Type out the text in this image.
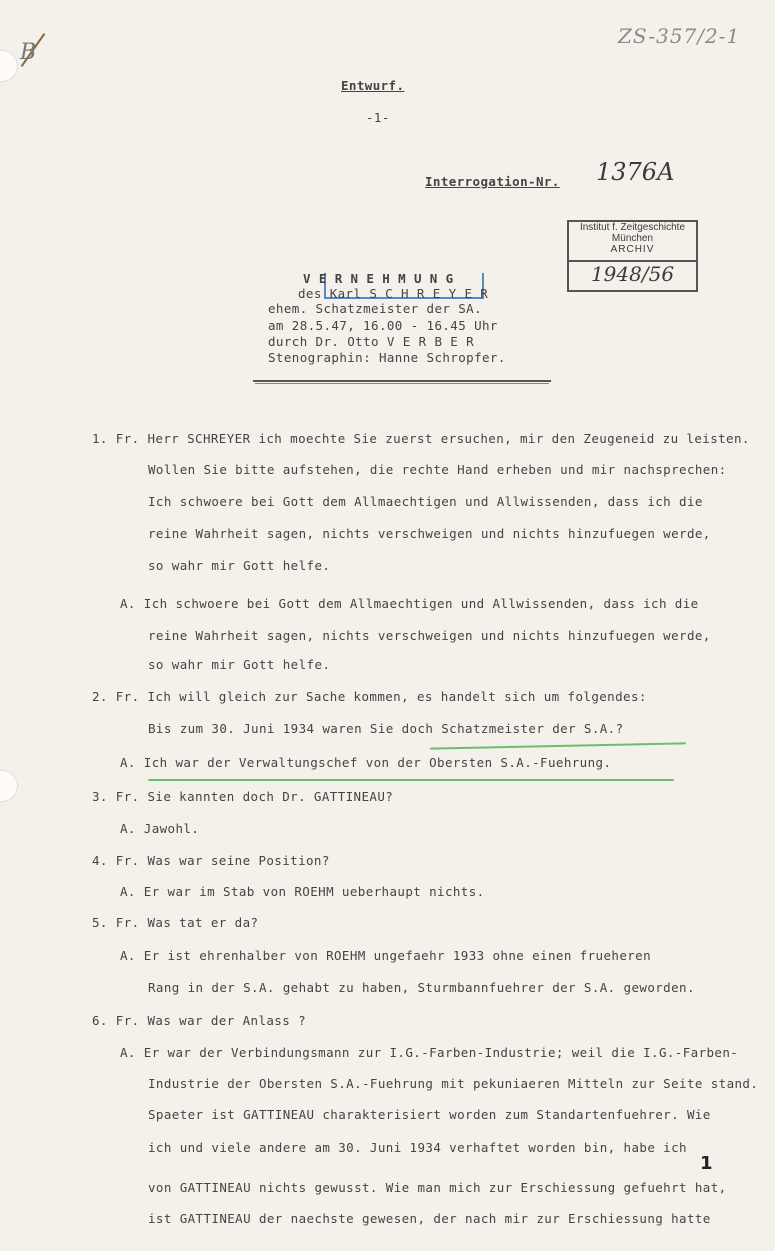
B
ZS-357/2-1
Entwurf.
-1-
Interrogation-Nr. 1376A
Institut f. Zeitgeschichte
München
ARCHIV
1948/56
V E R N E H M U N G
des Karl S C H R E Y E R
ehem. Schatzmeister der SA.
am 28.5.47, 16.00 - 16.45 Uhr
durch Dr. Otto V E R B E R
Stenographin: Hanne Schropfer.
1. Fr. Herr SCHREYER ich moechte Sie zuerst ersuchen, mir den Zeugeneid zu leisten.
Wollen Sie bitte aufstehen, die rechte Hand erheben und mir nachsprechen:
Ich schwoere bei Gott dem Allmaechtigen und Allwissenden, dass ich die
reine Wahrheit sagen, nichts verschweigen und nichts hinzufuegen werde,
so wahr mir Gott helfe.
A. Ich schwoere bei Gott dem Allmaechtigen und Allwissenden, dass ich die
reine Wahrheit sagen, nichts verschweigen und nichts hinzufuegen werde,
so wahr mir Gott helfe.
2. Fr. Ich will gleich zur Sache kommen, es handelt sich um folgendes:
Bis zum 30. Juni 1934 waren Sie doch Schatzmeister der S.A.?
A. Ich war der Verwaltungschef von der Obersten S.A.-Fuehrung.
3. Fr. Sie kannten doch Dr. GATTINEAU?
A. Jawohl.
4. Fr. Was war seine Position?
A. Er war im Stab von ROEHM ueberhaupt nichts.
5. Fr. Was tat er da?
A. Er ist ehrenhalber von ROEHM ungefaehr 1933 ohne einen frueheren
Rang in der S.A. gehabt zu haben, Sturmbannfuehrer der S.A. geworden.
6. Fr. Was war der Anlass ?
A. Er war der Verbindungsmann zur I.G.-Farben-Industrie; weil die I.G.-Farben-
Industrie der Obersten S.A.-Fuehrung mit pekuniaeren Mitteln zur Seite stand.
Spaeter ist GATTINEAU charakterisiert worden zum Standartenfuehrer. Wie
ich und viele andere am 30. Juni 1934 verhaftet worden bin, habe ich
von GATTINEAU nichts gewusst. Wie man mich zur Erschiessung gefuehrt hat,
ist GATTINEAU der naechste gewesen, der nach mir zur Erschiessung hatte
1
